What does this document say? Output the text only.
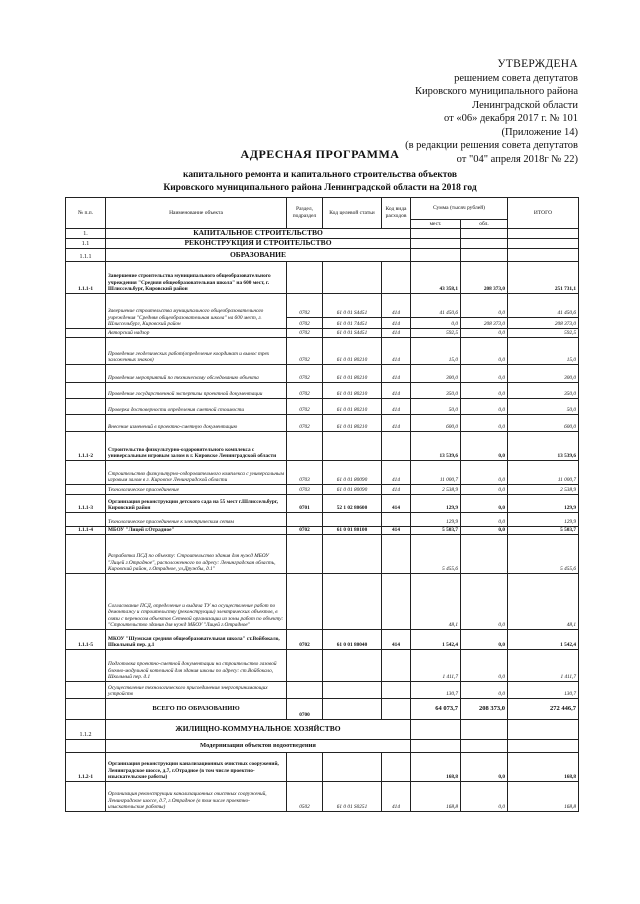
УТВЕРЖДЕНА
решением совета депутатов
Кировского муниципального района
Ленинградской области
от «06» декабря 2017 г. № 101
(Приложение 14)
(в редакции решения совета депутатов
от "04" апреля 2018г № 22)
АДРЕСНАЯ ПРОГРАММА
капитального ремонта и капитального строительства объектов
Кировского муниципального района Ленинградской области на 2018 год
№ п.п.	Наименование объекта	Раздел, подраздел	Код целевой статьи	Код вида расходов	Сумма (тысяч рублей)		ИТОГО
					мест.	обл.	
1.	КАПИТАЛЬНОЕ СТРОИТЕЛЬСТВО						
1.1	РЕКОНСТРУКЦИЯ И СТРОИТЕЛЬСТВО						
1.1.1	ОБРАЗОВАНИЕ						
1.1.1-1	Завершение строительства муниципального общеобразовательного учреждения "Средняя общеобразовательная школа" на 600 мест, г. Шлиссельбург, Кировский район				43 358,1	208 373,0	251 731,1
	Завершение строительства муниципального общеобразовательного учреждения "Средняя общеобразовательная школа" на 600 мест, г. Шлиссельбург, Кировский район	0702	61 0 01 S4451	414	41 450,6	0,0	41 450,6
		0702	61 0 01 74451	414	0,0	208 373,0	208 373,0
	Авторский надзор	0702	61 0 01 S4451	414	592,5	0,0	592,5
	Проведение геодезических работ(определение координат и вынос трех заложенных знаков)	0702	61 0 01 80210	414	15,0	0,0	15,0
	Проведение мероприятий по техническому обследованию объекта	0702	61 0 01 80210	414	300,0	0,0	300,0
	Проведение государственной экспертизы проектной документации	0702	61 0 01 80210	414	350,0	0,0	350,0
	Проверка достоверности определения сметной стоимости	0702	61 0 01 80210	414	50,0	0,0	50,0
	Внесение изменений в проектно-сметную документацию	0702	61 0 01 80210	414	600,0	0,0	600,0
1.1.1-2	Строительство физкультурно-оздоровительного комплекса с универсальным игровым залом в г. Кировске Ленинградской области				13 539,6	0,0	13 539,6
	Строительство физкультурно-оздоровительного комплекса с универсальным игровым залом в г. Кировске Ленинградской области	0703	61 0 01 80090	414	11 000,7	0,0	11 000,7
	Технологическое присоединение	0703	61 0 01 80090	414	2 538,9	0,0	2 538,9
1.1.1-3	Организация реконструкции детского сада на 55 мест г.Шлиссельбург, Кировский район	0701	52 1 02 80600	414	129,9	0,0	129,9
	Технологическое присоединение к электрическим сетям				129,9	0,0	129,9
1.1.1-4	МБОУ "Лицей г.Отрадное"	0702	61 0 01 80100	414	5 503,7	0,0	5 503,7
	Разработка ПСД по объекту: Строительство здания для нужд МБОУ "Лицей г.Отрадное", расположенного по адресу: Ленинградская область, Кировский район, г.Отрадное, ул.Дружбы, д.1"				5 455,6		5 455,6
	Согласование ПСД, определение и выдача ТУ на осуществление работ по демонтажу и строительству (реконструкции) электрических объектов, в связи с переносом объектов Сетевой организации из зоны работ по объекту: "Строительство здания для нужд МБОУ "Лицей г.Отрадное"				48,1	0,0	48,1
1.1.1-5	МКОУ "Шумская средняя общеобразовательная школа" ст.Войбокало, Школьный пер. д.1	0702	61 0 01 80040	414	1 542,4	0,0	1 542,4
	Подготовка проектно-сметной документации на строительство газовой блочно-модульной котельной для здания школы по адресу: ст.Войбокало, Школьный пер. д.1				1 411,7	0,0	1 411,7
	Осуществление технологического присоединения энергопринимающих устройств				130,7	0,0	130,7
	ВСЕГО ПО ОБРАЗОВАНИЮ	0700			64 073,7	208 373,0	272 446,7
1.1.2	ЖИЛИЩНО-КОММУНАЛЬНОЕ ХОЗЯЙСТВО						
	Модернизация объектов водоотведения						
1.1.2-1	Организация реконструкции канализационных очистных сооружений, Ленинградское шоссе, д.7, г.Отрадное (в том числе проектно-изыскательские работы)				168,8	0,0	168,8
	Организация реконструкции канализационных очистных сооружений, Ленинградское шоссе, д.7, г.Отрадное (в том числе проектно-изыскательские работы)	0502	61 0 01 S0251	414	168,8	0,0	168,8
